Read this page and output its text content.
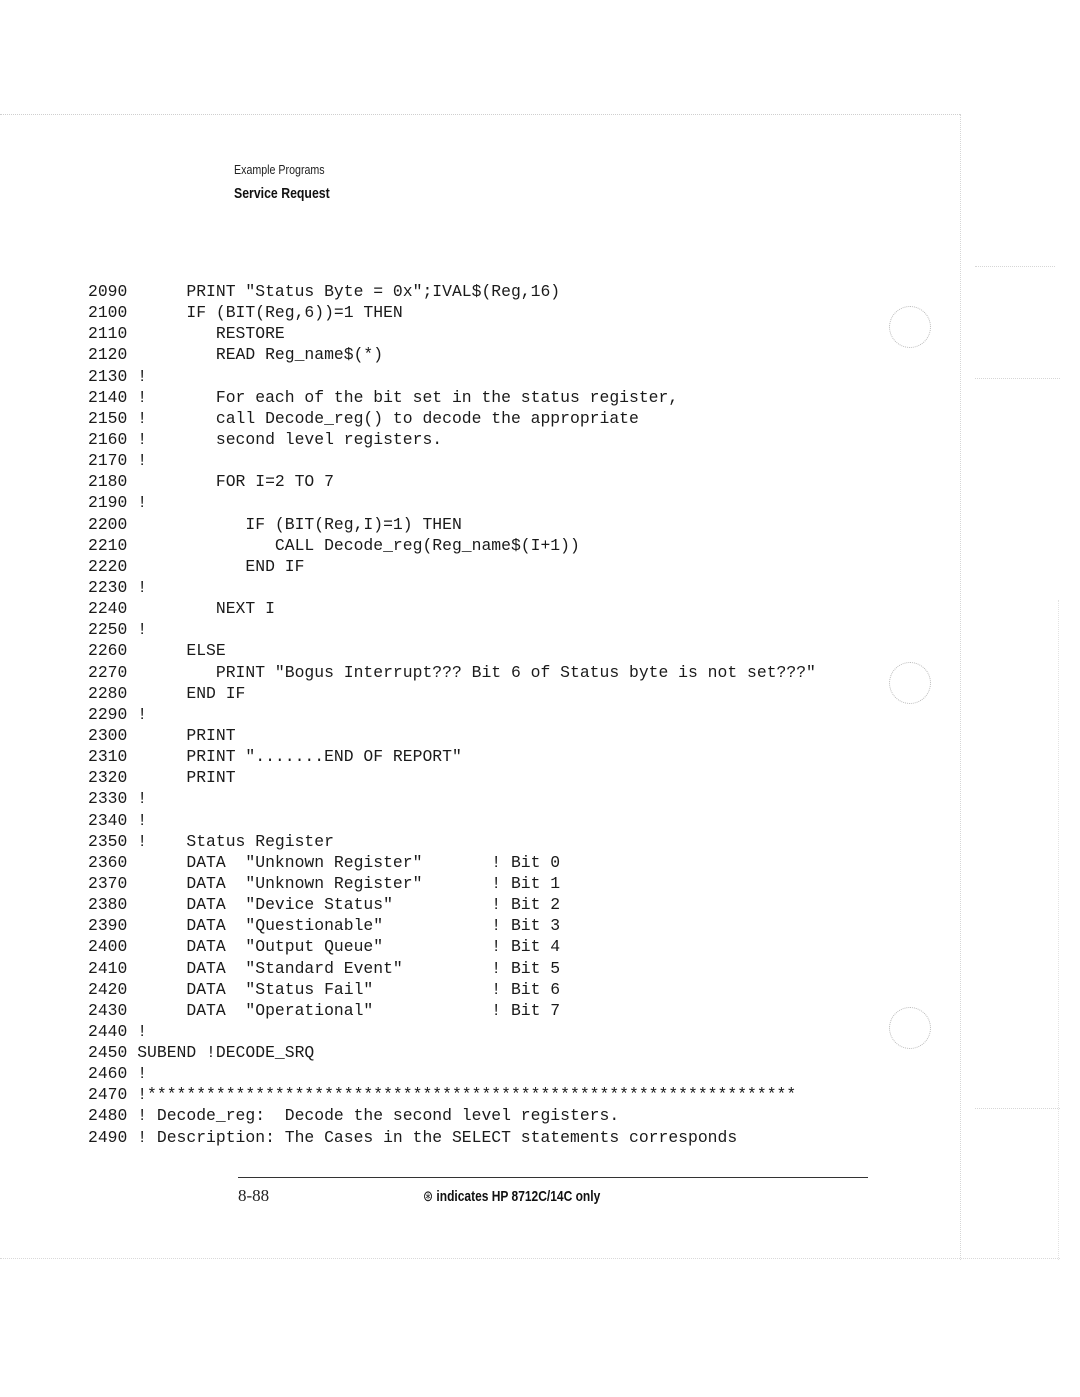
Example Programs
Service Request
2090      PRINT "Status Byte = 0x";IVAL$(Reg,16)
2100      IF (BIT(Reg,6))=1 THEN
2110         RESTORE
2120         READ Reg_name$(*)
2130 !
2140 !       For each of the bit set in the status register,
2150 !       call Decode_reg() to decode the appropriate
2160 !       second level registers.
2170 !
2180         FOR I=2 TO 7
2190 !
2200            IF (BIT(Reg,I)=1) THEN
2210               CALL Decode_reg(Reg_name$(I+1))
2220            END IF
2230 !
2240         NEXT I
2250 !
2260      ELSE
2270         PRINT "Bogus Interrupt??? Bit 6 of Status byte is not set???"
2280      END IF
2290 !
2300      PRINT
2310      PRINT ".......END OF REPORT"
2320      PRINT
2330 !
2340 !
2350 !    Status Register
2360      DATA  "Unknown Register"       ! Bit 0
2370      DATA  "Unknown Register"       ! Bit 1
2380      DATA  "Device Status"          ! Bit 2
2390      DATA  "Questionable"           ! Bit 3
2400      DATA  "Output Queue"           ! Bit 4
2410      DATA  "Standard Event"         ! Bit 5
2420      DATA  "Status Fail"            ! Bit 6
2430      DATA  "Operational"            ! Bit 7
2440 !
2450 SUBEND !DECODE_SRQ
2460 !
2470 !******************************************************************
2480 ! Decode_reg:  Decode the second level registers.
2490 ! Description: The Cases in the SELECT statements corresponds
8-88	⊛ indicates HP 8712C/14C only
